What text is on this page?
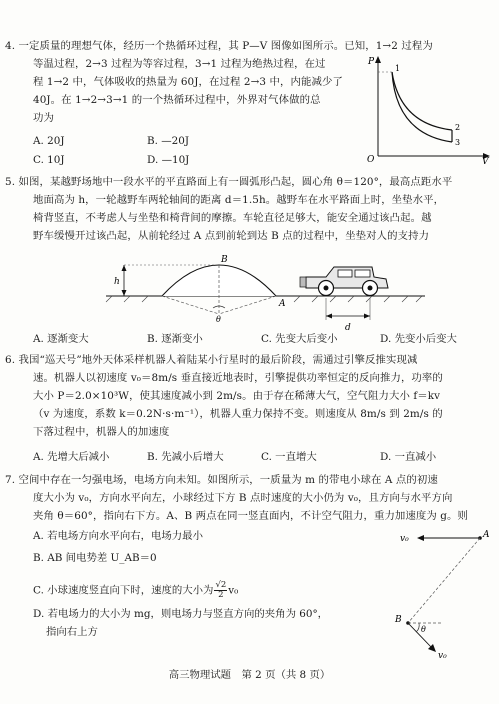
4. 一定质量的理想气体，经历一个热循环过程，其 P—V 图像如图所示。已知，1→2 过程为
等温过程，2→3 过程为等容过程，3→1 过程为绝热过程，在过
程 1→2 中，气体吸收的热量为 60J，在过程 2→3 中，内能减少了
40J。在 1→2→3→1 的一个热循环过程中，外界对气体做的总
功为
A. 20J	B. —20J
C. 10J	D. —10J
P
V
O
1
2
3
5. 如图，某越野场地中一段水平的平直路面上有一圆弧形凸起，圆心角 θ＝120°，最高点距水平
地面高为 h，一轮越野车两轮轴间的距离 d＝1.5h。越野车在水平路面上时，坐垫水平，
椅背竖直，不考虑人与坐垫和椅背间的摩擦。车轮直径足够大，能安全通过该凸起。越
野车缓慢开过该凸起，从前轮经过 A 点到前轮到达 B 点的过程中，坐垫对人的支持力
h
B
A
θ
d
A. 逐渐变大	B. 逐渐变小	C. 先变大后变小	D. 先变小后变大
6. 我国“巡天号”地外天体采样机器人着陆某小行星时的最后阶段，需通过引擎反推实现减
速。机器人以初速度 v₀＝8m/s 垂直接近地表时，引擎提供功率恒定的反向推力，功率的
大小 P＝2.0×10³W，使其速度减小到 2m/s。由于存在稀薄大气，空气阻力大小 f＝kv
（v 为速度，系数 k＝0.2N·s·m⁻¹），机器人重力保持不变。则速度从 8m/s 到 2m/s 的
下落过程中，机器人的加速度
A. 先增大后减小	B. 先减小后增大	C. 一直增大	D. 一直减小
7. 空间中存在一匀强电场，电场方向未知。如图所示，一质量为 m 的带电小球在 A 点的初速
度大小为 v₀，方向水平向左，小球经过下方 B 点时速度的大小仍为 v₀，且方向与水平方向
夹角 θ＝60°，指向右下方。A、B 两点在同一竖直面内，不计空气阻力，重力加速度为 g。则
A. 若电场方向水平向右，电场力最小
B. AB 间电势差 U_AB＝0
C. 小球速度竖直向下时，速度的大小为 $\frac{√2}{2} v_0$
D. 若电场力的大小为 mg，则电场力与竖直方向的夹角为 60°，
指向右上方
v₀	A
B
θ
v₀
高三物理试题　第 2 页（共 8 页）
